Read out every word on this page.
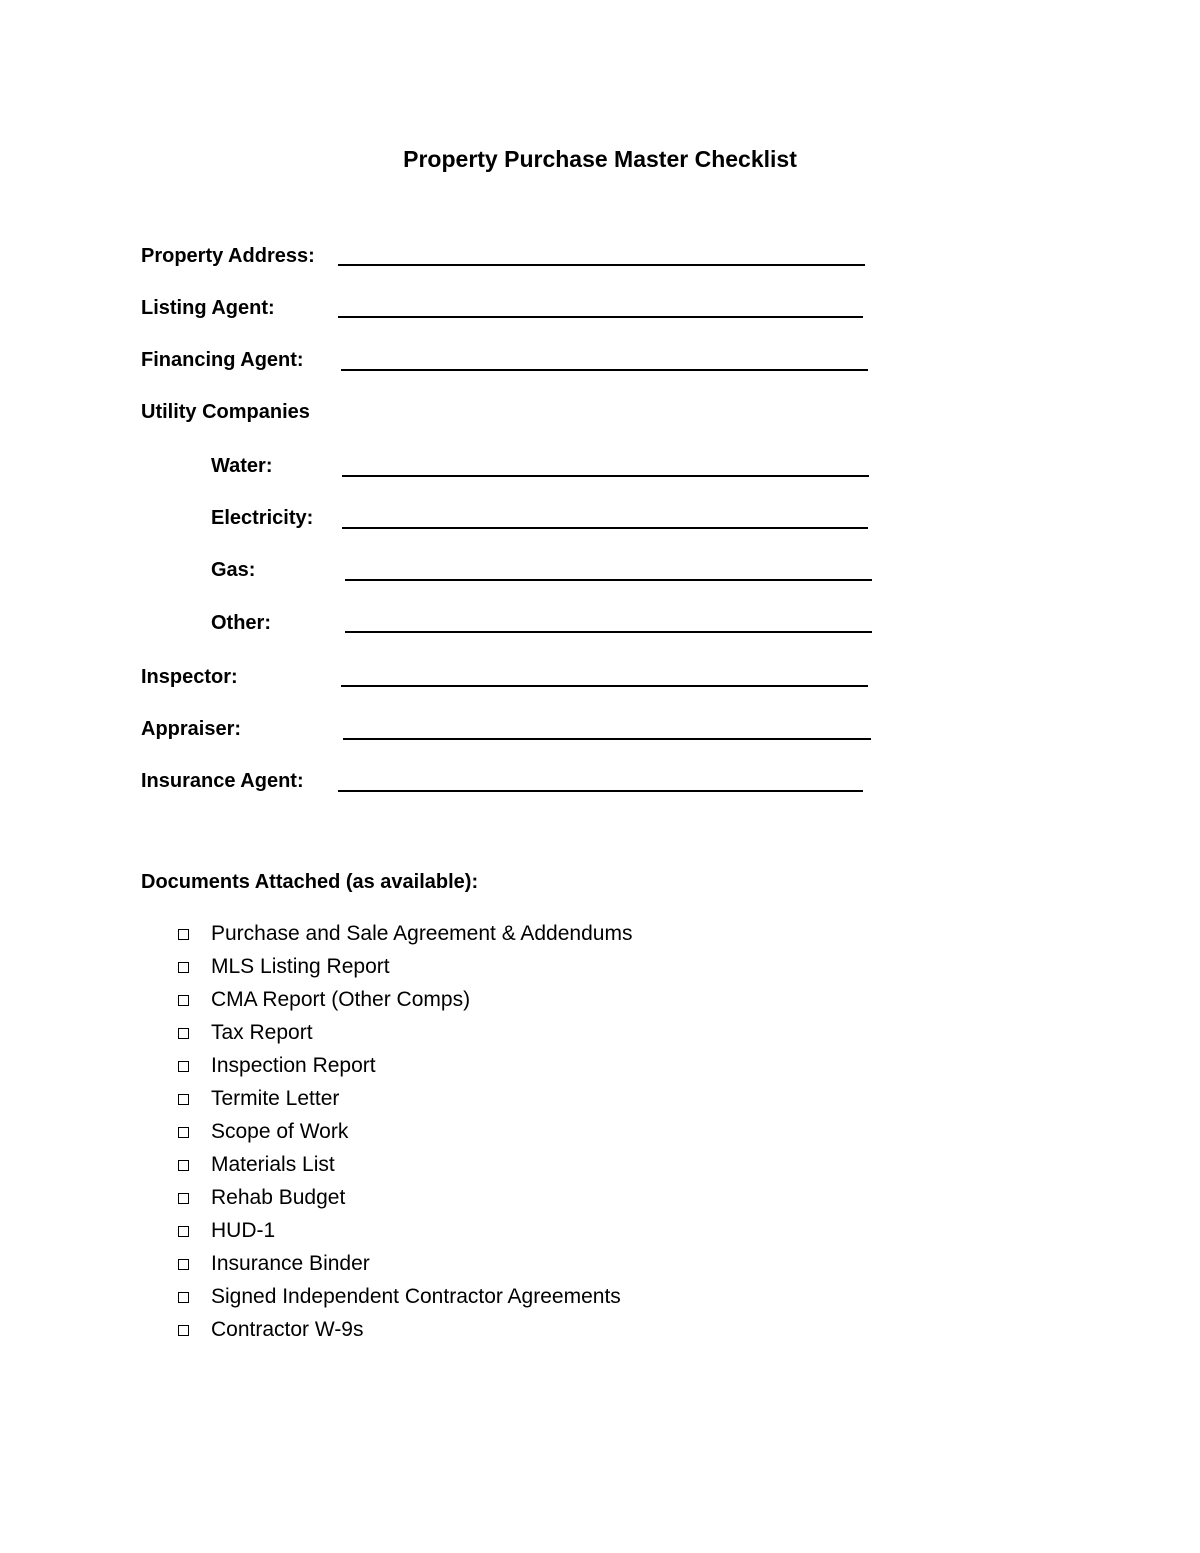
Property Purchase Master Checklist
Property Address:
Listing Agent:
Financing Agent:
Utility Companies
Water:
Electricity:
Gas:
Other:
Inspector:
Appraiser:
Insurance Agent:
Documents Attached (as available):
Purchase and Sale Agreement & Addendums
MLS Listing Report
CMA Report (Other Comps)
Tax Report
Inspection Report
Termite Letter
Scope of Work
Materials List
Rehab Budget
HUD-1
Insurance Binder
Signed Independent Contractor Agreements
Contractor W-9s
